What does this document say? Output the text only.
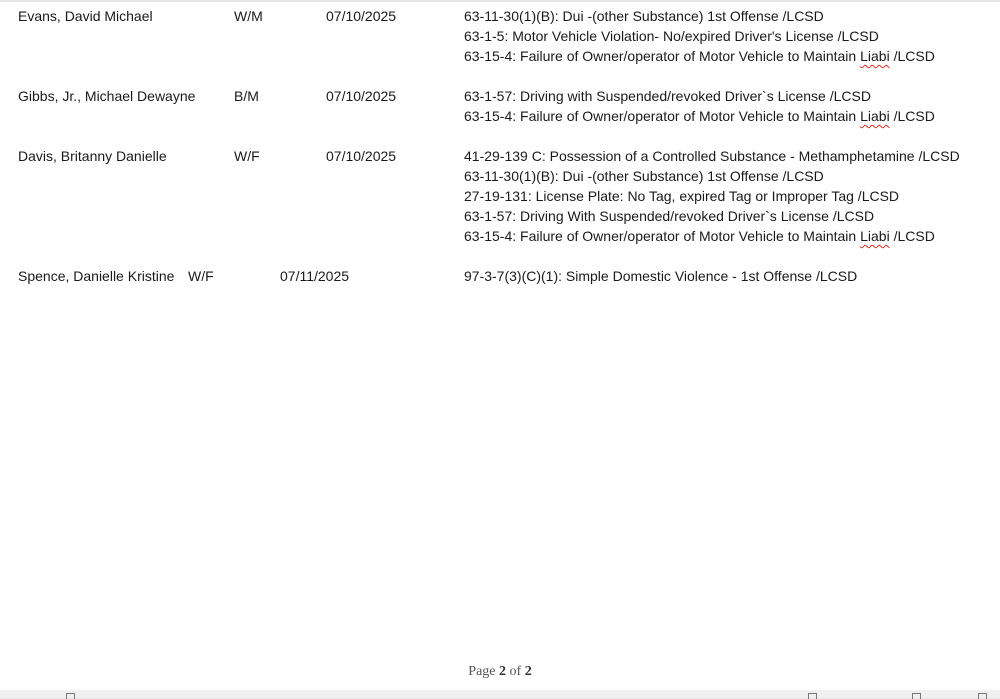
Evans, David Michael	W/M	07/10/2025	63-11-30(1)(B): Dui -(other Substance) 1st Offense /LCSD
63-1-5: Motor Vehicle Violation- No/expired Driver's License /LCSD
63-15-4: Failure of Owner/operator of Motor Vehicle to Maintain Liabi /LCSD
Gibbs, Jr., Michael Dewayne	B/M	07/10/2025	63-1-57: Driving with Suspended/revoked Driver`s License /LCSD
63-15-4: Failure of Owner/operator of Motor Vehicle to Maintain Liabi /LCSD
Davis, Britanny Danielle	W/F	07/10/2025	41-29-139 C: Possession of a Controlled Substance - Methamphetamine /LCSD
63-11-30(1)(B): Dui -(other Substance) 1st Offense /LCSD
27-19-131: License Plate: No Tag, expired Tag or Improper Tag /LCSD
63-1-57: Driving With Suspended/revoked Driver`s License /LCSD
63-15-4: Failure of Owner/operator of Motor Vehicle to Maintain Liabi /LCSD
Spence, Danielle Kristine W/F	07/11/2025	97-3-7(3)(C)(1): Simple Domestic Violence - 1st Offense /LCSD
Page 2 of 2
